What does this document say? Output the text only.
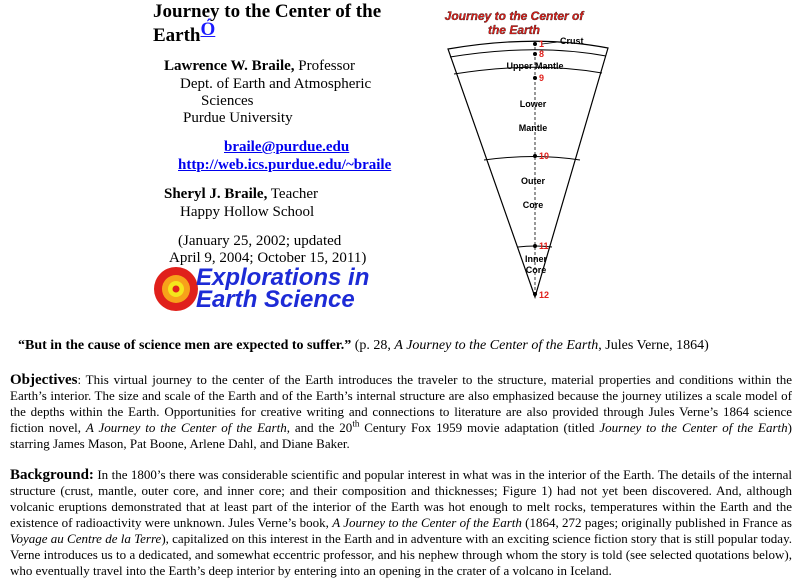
Journey to the Center of the
EarthÓ
Lawrence W. Braile, Professor
Dept. of Earth and Atmospheric
Sciences
Purdue University
braile@purdue.edu
http://web.ics.purdue.edu/~braile
Sheryl J. Braile, Teacher
Happy Hollow School
(January 25, 2002; updated
April 9, 2004; October 15, 2011)
Explorations in
Earth Science
Journey to the Center of
the Earth
1
8
9
10
11
12
Crust
Upper Mantle
Lower
Mantle
Outer
Core
Inner
Core
“But in the cause of science men are expected to suffer.” (p. 28, A Journey to the Center of the Earth, Jules Verne, 1864)
Objectives: This virtual journey to the center of the Earth introduces the traveler to the structure, material properties and conditions within the Earth’s interior. The size and scale of the Earth and of the Earth’s internal structure are also emphasized because the journey utilizes a scale model of the depths within the Earth. Opportunities for creative writing and connections to literature are also provided through Jules Verne’s 1864 science fiction novel, A Journey to the Center of the Earth, and the 20th Century Fox 1959 movie adaptation (titled Journey to the Center of the Earth) starring James Mason, Pat Boone, Arlene Dahl, and Diane Baker.
Background: In the 1800’s there was considerable scientific and popular interest in what was in the interior of the Earth. The details of the internal structure (crust, mantle, outer core, and inner core; and their composition and thicknesses; Figure 1) had not yet been discovered. And, although volcanic eruptions demonstrated that at least part of the interior of the Earth was hot enough to melt rocks, temperatures within the Earth and the existence of radioactivity were unknown. Jules Verne’s book, A Journey to the Center of the Earth (1864, 272 pages; originally published in France as Voyage au Centre de la Terre), capitalized on this interest in the Earth and in adventure with an exciting science fiction story that is still popular today. Verne introduces us to a dedicated, and somewhat eccentric professor, and his nephew through whom the story is told (see selected quotations below), who eventually travel into the Earth’s deep interior by entering into an opening in the crater of a volcano in Iceland.
